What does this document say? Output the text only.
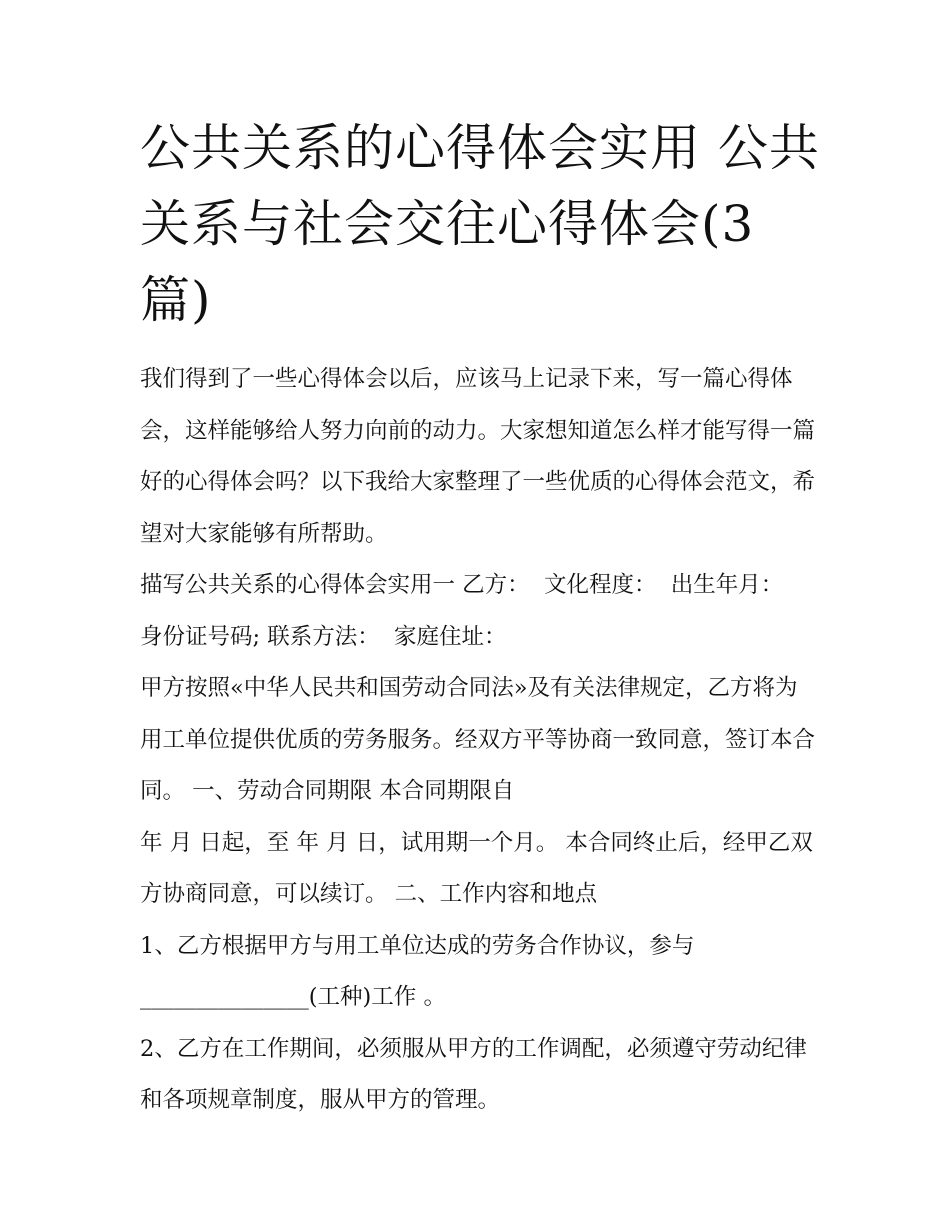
公共关系的心得体会实用 公共关系与社会交往心得体会(3篇)

我们得到了一些心得体会以后，应该马上记录下来，写一篇心得体会，这样能够给人努力向前的动力。大家想知道怎么样才能写得一篇好的心得体会吗？以下我给大家整理了一些优质的心得体会范文，希望对大家能够有所帮助。

描写公共关系的心得体会实用一 乙方：  文化程度：  出生年月：  身份证号码; 联系方法：  家庭住址：

甲方按照«中华人民共和国劳动合同法»及有关法律规定，乙方将为用工单位提供优质的劳务服务。经双方平等协商一致同意，签订本合同。 一、劳动合同期限 本合同期限自
年 月 日起，至 年 月 日，试用期一个月。 本合同终止后，经甲乙双方协商同意，可以续订。 二、工作内容和地点

1、乙方根据甲方与用工单位达成的劳务合作协议，参与
_______________(工种)工作 。

2、乙方在工作期间，必须服从甲方的工作调配，必须遵守劳动纪律和各项规章制度，服从甲方的管理。
